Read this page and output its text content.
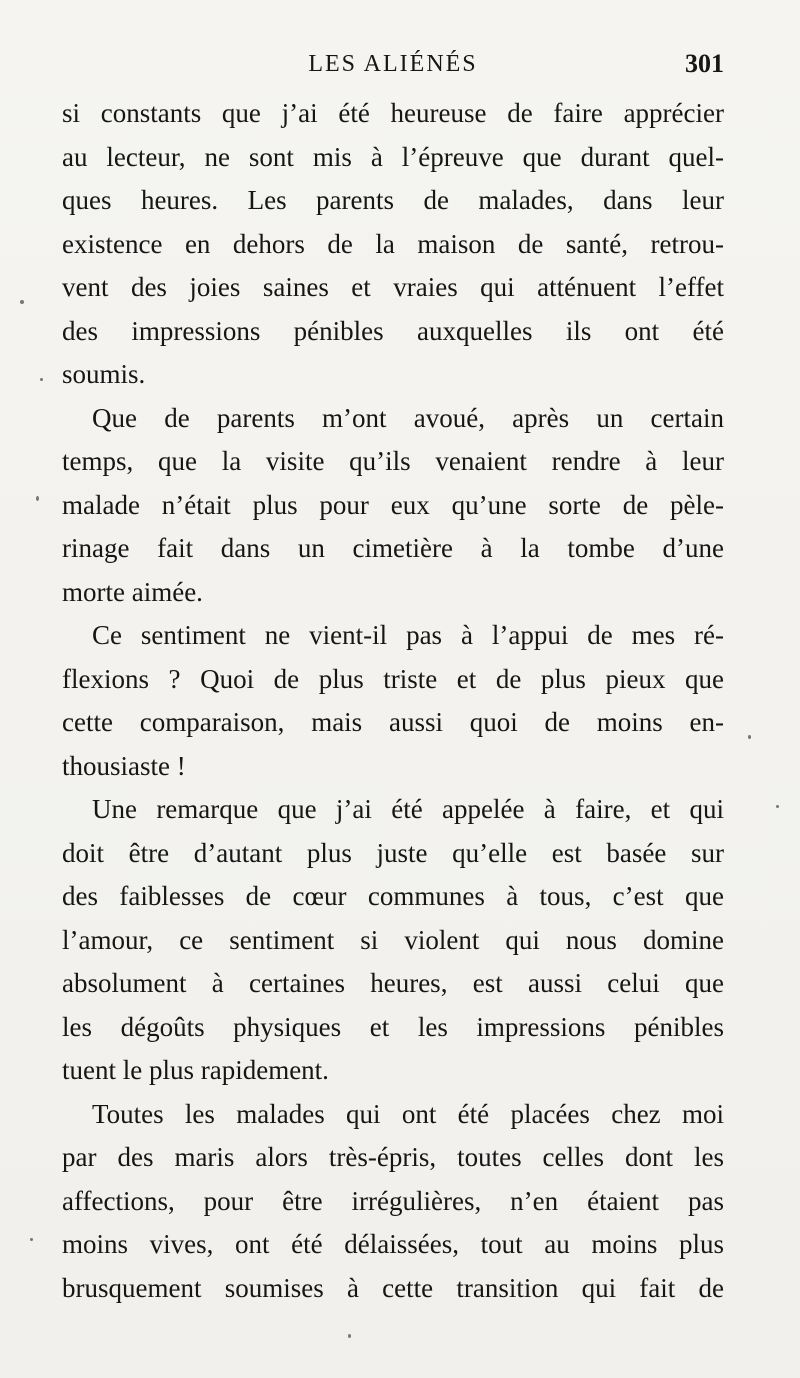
LES ALIÉNÉS	301
si constants que j’ai été heureuse de faire apprécier
au lecteur, ne sont mis à l’épreuve que durant quel-
ques heures. Les parents de malades, dans leur
existence en dehors de la maison de santé, retrou-
vent des joies saines et vraies qui atténuent l’effet
des impressions pénibles auxquelles ils ont été
soumis.
Que de parents m’ont avoué, après un certain
temps, que la visite qu’ils venaient rendre à leur
malade n’était plus pour eux qu’une sorte de pèle-
rinage fait dans un cimetière à la tombe d’une
morte aimée.
Ce sentiment ne vient-il pas à l’appui de mes ré-
flexions ? Quoi de plus triste et de plus pieux que
cette comparaison, mais aussi quoi de moins en-
thousiaste !
Une remarque que j’ai été appelée à faire, et qui
doit être d’autant plus juste qu’elle est basée sur
des faiblesses de cœur communes à tous, c’est que
l’amour, ce sentiment si violent qui nous domine
absolument à certaines heures, est aussi celui que
les dégoûts physiques et les impressions pénibles
tuent le plus rapidement.
Toutes les malades qui ont été placées chez moi
par des maris alors très-épris, toutes celles dont les
affections, pour être irrégulières, n’en étaient pas
moins vives, ont été délaissées, tout au moins plus
brusquement soumises à cette transition qui fait de
